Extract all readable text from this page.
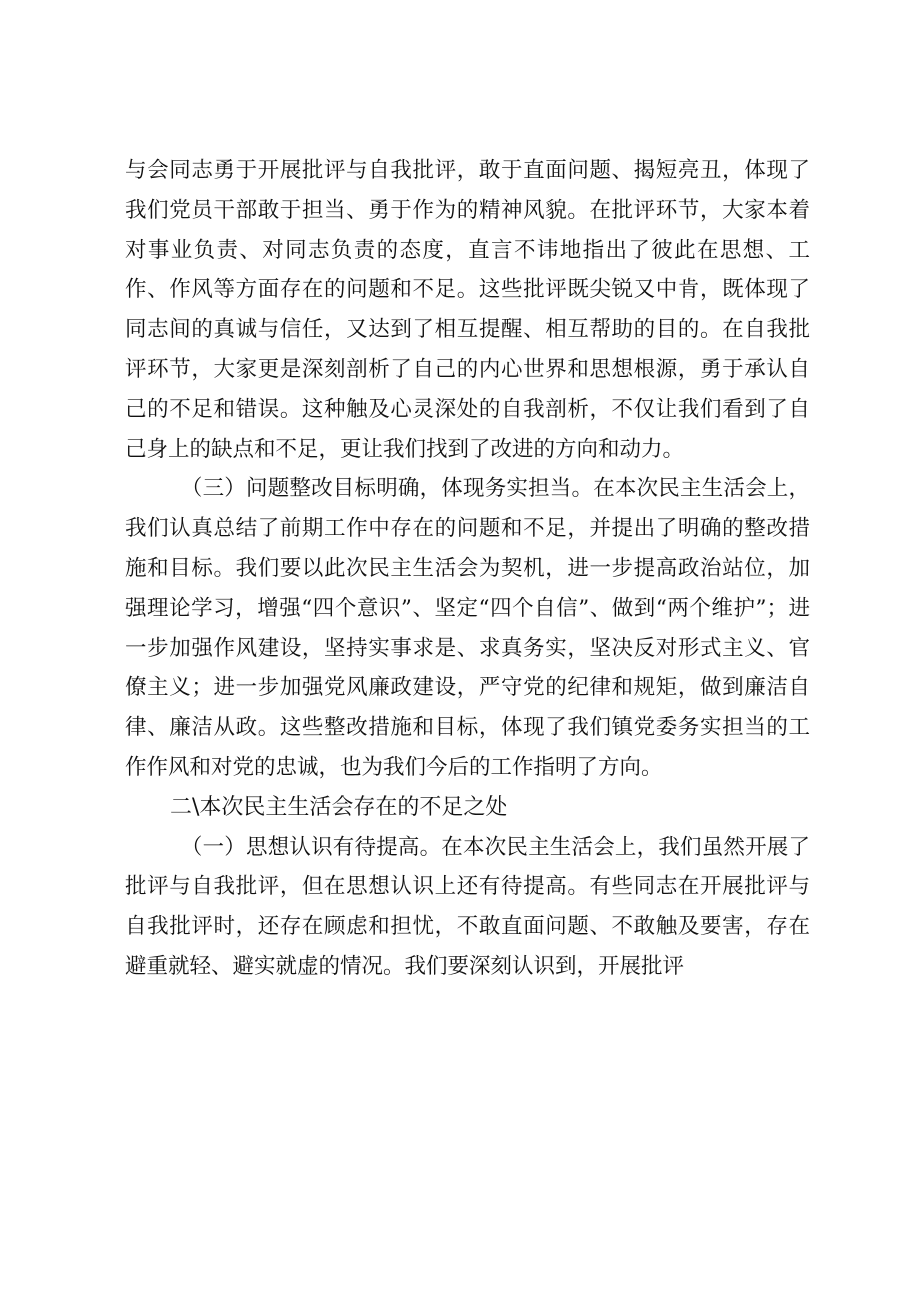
与会同志勇于开展批评与自我批评，敢于直面问题、揭短亮丑，体现了我们党员干部敢于担当、勇于作为的精神风貌。在批评环节，大家本着对事业负责、对同志负责的态度，直言不讳地指出了彼此在思想、工作、作风等方面存在的问题和不足。这些批评既尖锐又中肯，既体现了同志间的真诚与信任，又达到了相互提醒、相互帮助的目的。在自我批评环节，大家更是深刻剖析了自己的内心世界和思想根源，勇于承认自己的不足和错误。这种触及心灵深处的自我剖析，不仅让我们看到了自己身上的缺点和不足，更让我们找到了改进的方向和动力。

（三）问题整改目标明确，体现务实担当。在本次民主生活会上，我们认真总结了前期工作中存在的问题和不足，并提出了明确的整改措施和目标。我们要以此次民主生活会为契机，进一步提高政治站位，加强理论学习，增强“四个意识”、坚定“四个自信”、做到“两个维护”；进一步加强作风建设，坚持实事求是、求真务实，坚决反对形式主义、官僚主义；进一步加强党风廉政建设，严守党的纪律和规矩，做到廉洁自律、廉洁从政。这些整改措施和目标，体现了我们镇党委务实担当的工作作风和对党的忠诚，也为我们今后的工作指明了方向。

二\本次民主生活会存在的不足之处

（一）思想认识有待提高。在本次民主生活会上，我们虽然开展了批评与自我批评，但在思想认识上还有待提高。有些同志在开展批评与自我批评时，还存在顾虑和担忧，不敢直面问题、不敢触及要害，存在避重就轻、避实就虚的情况。我们要深刻认识到，开展批评
